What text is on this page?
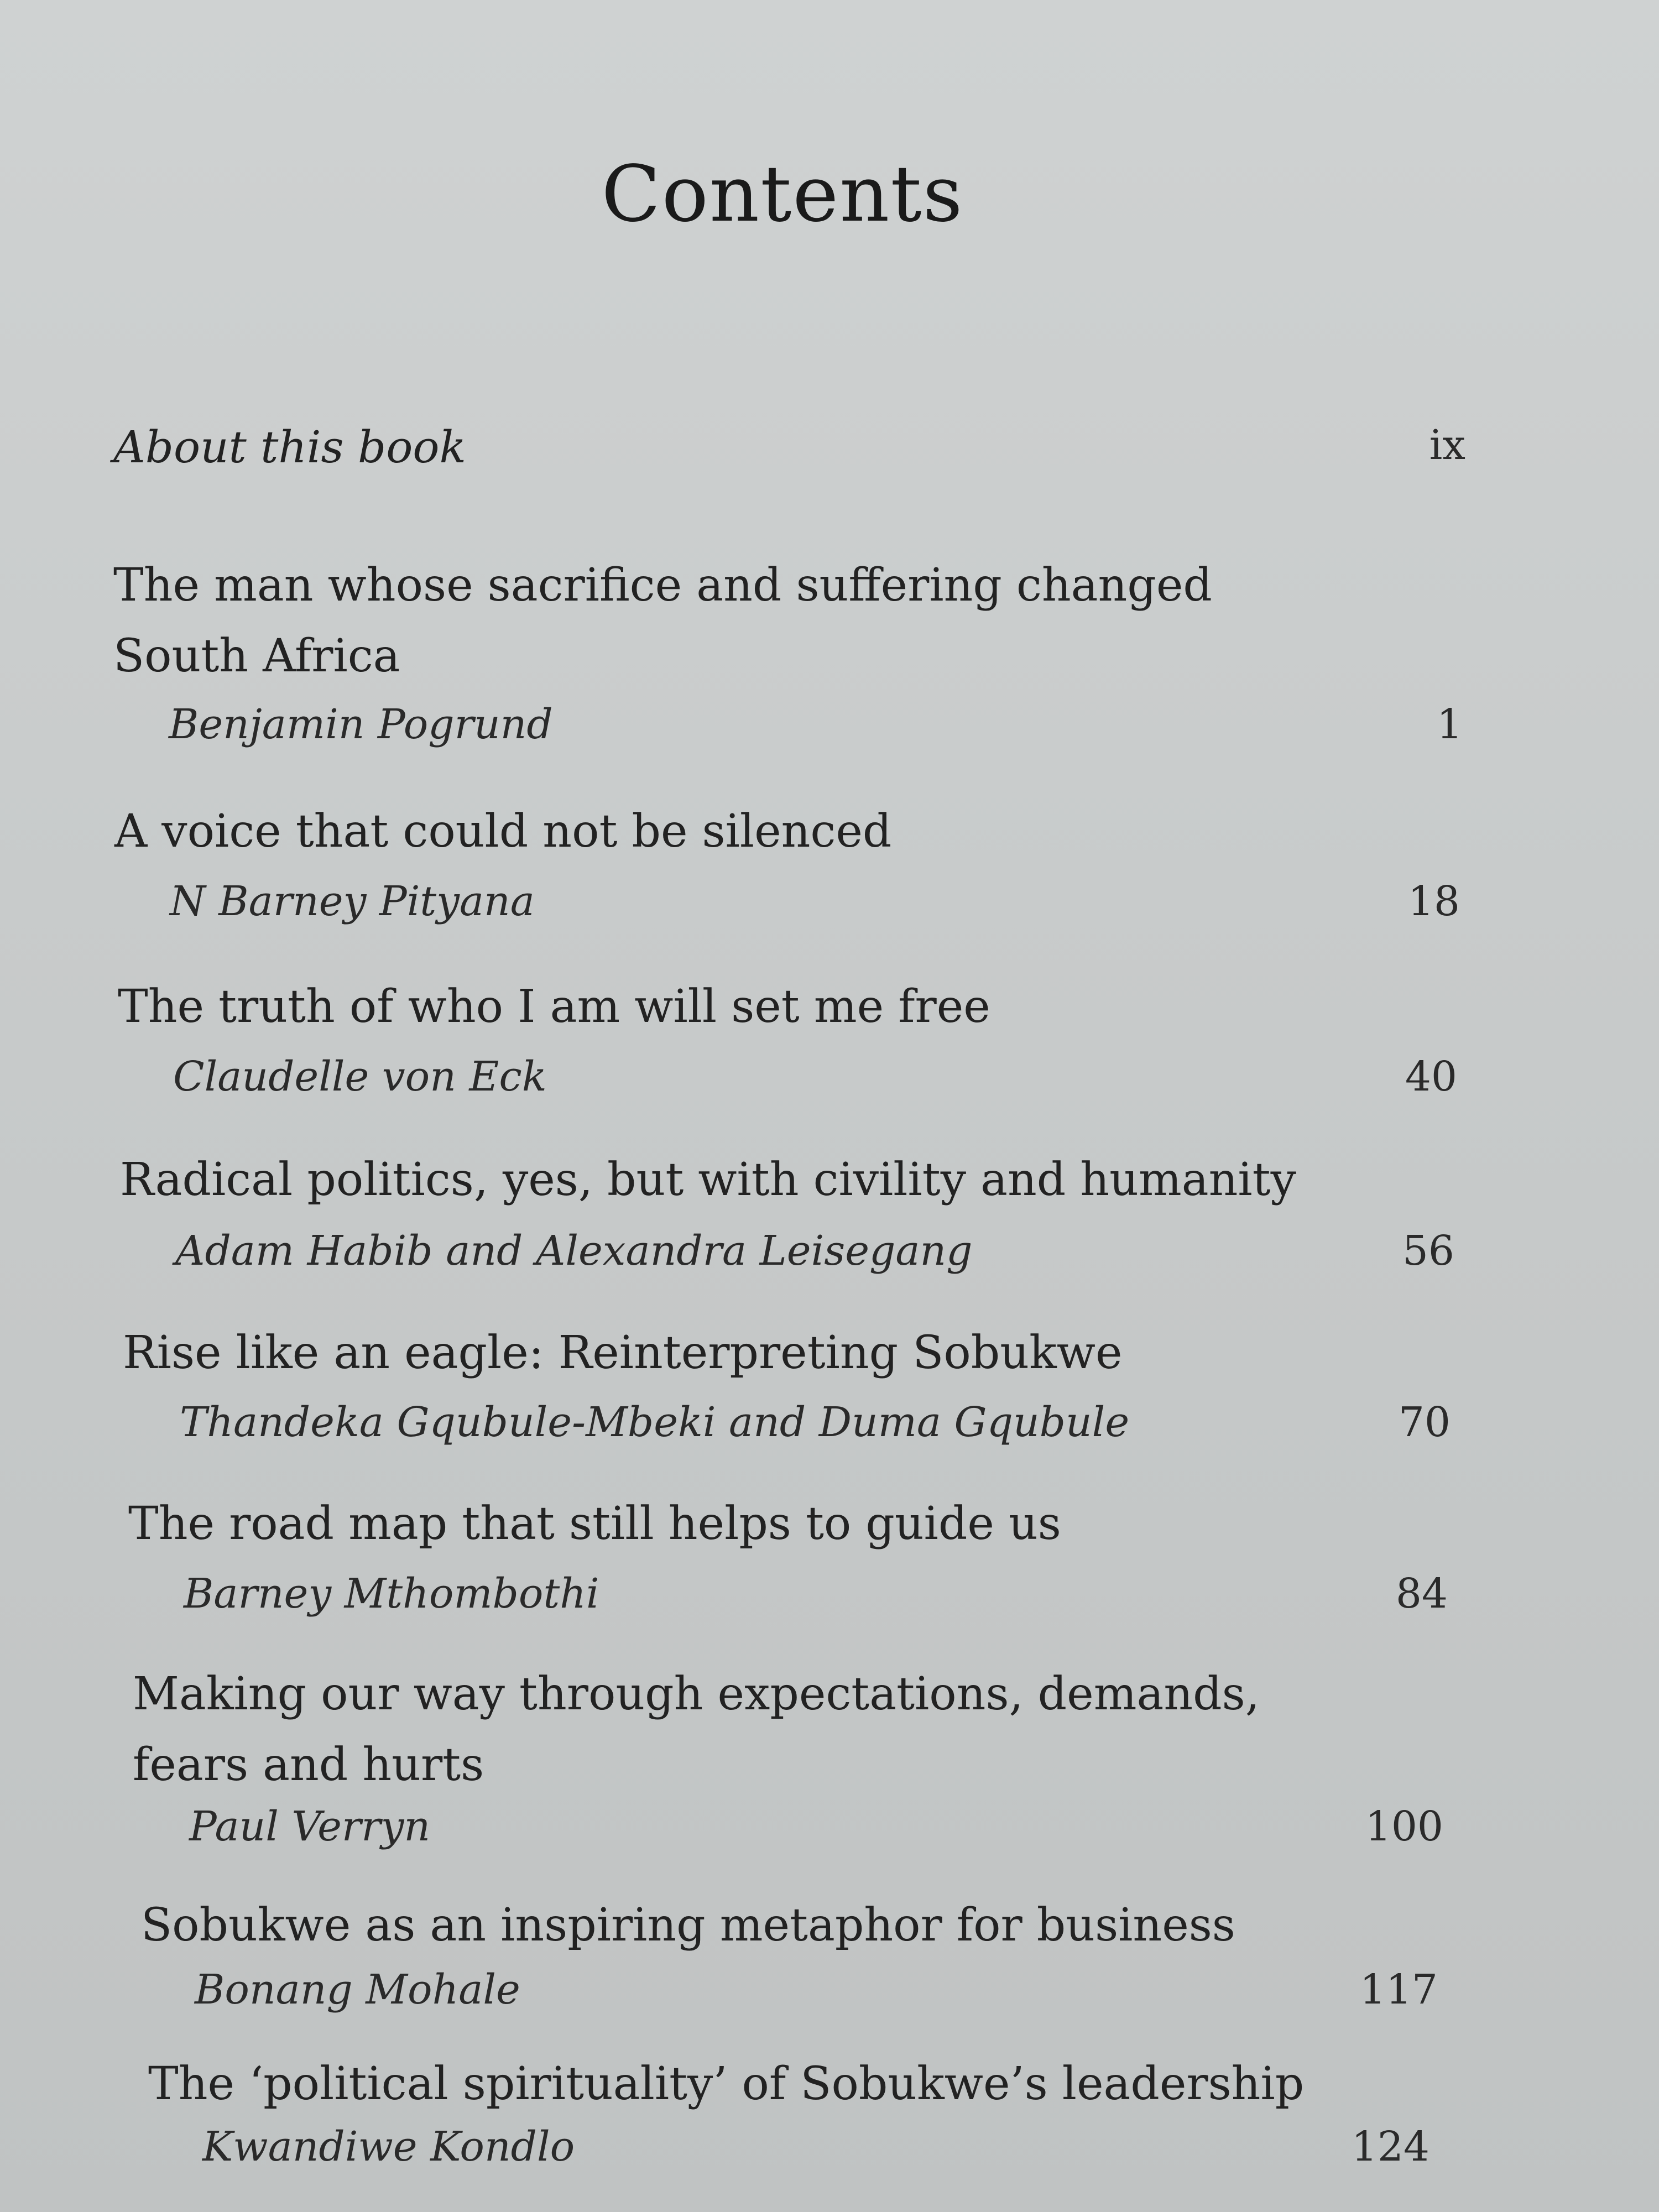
Contents
About this book	ix
The man whose sacrifice and suffering changed
South Africa
Benjamin Pogrund	1
A voice that could not be silenced
N Barney Pityana	18
The truth of who I am will set me free
Claudelle von Eck	40
Radical politics, yes, but with civility and humanity
Adam Habib and Alexandra Leisegang	56
Rise like an eagle: Reinterpreting Sobukwe
Thandeka Gqubule-Mbeki and Duma Gqubule	70
The road map that still helps to guide us
Barney Mthombothi	84
Making our way through expectations, demands,
fears and hurts
Paul Verryn	100
Sobukwe as an inspiring metaphor for business
Bonang Mohale	117
The ‘political spirituality’ of Sobukwe’s leadership
Kwandiwe Kondlo	124
